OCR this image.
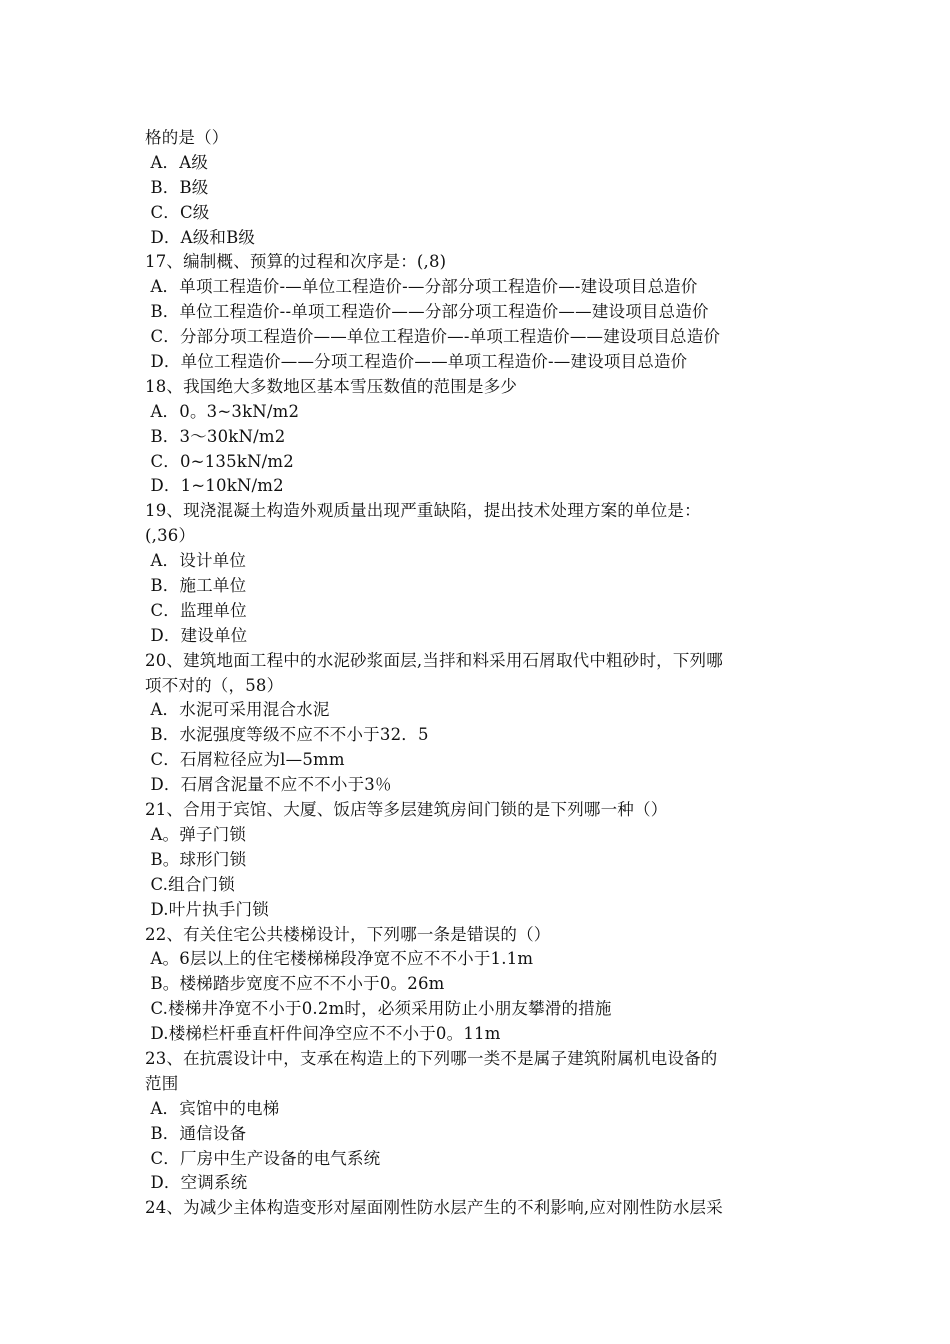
格的是（）
A．A级
B．B级
C．C级
D．A级和B级
17、编制概、预算的过程和次序是：(,8)
A．单项工程造价-—单位工程造价-—分部分项工程造价—-建设项目总造价
B．单位工程造价--单项工程造价——分部分项工程造价——建设项目总造价
C．分部分项工程造价——单位工程造价—-单项工程造价——建设项目总造价
D．单位工程造价——分项工程造价——单项工程造价-—建设项目总造价
18、我国绝大多数地区基本雪压数值的范围是多少
A．0。3~3kN/m2
B．3～30kN/m2
C．0~135kN/m2
D．1~10kN/m2
19、现浇混凝土构造外观质量出现严重缺陷，提出技术处理方案的单位是：
(,36）
A．设计单位
B．施工单位
C．监理单位
D．建设单位
20、建筑地面工程中的水泥砂浆面层,当拌和料采用石屑取代中粗砂时，下列哪
项不对的（，58）
A．水泥可采用混合水泥
B．水泥强度等级不应不不小于32．5
C．石屑粒径应为l—5mm
D．石屑含泥量不应不不小于3％
21、合用于宾馆、大厦、饭店等多层建筑房间门锁的是下列哪一种（）
A。弹子门锁
B。球形门锁
C.组合门锁
D.叶片执手门锁
22、有关住宅公共楼梯设计，下列哪一条是错误的（）
A。6层以上的住宅楼梯梯段净宽不应不不小于1.1m
B。楼梯踏步宽度不应不不小于0。26m
C.楼梯井净宽不小于0.2m时，必须采用防止小朋友攀滑的措施
D.楼梯栏杆垂直杆件间净空应不不小于0。11m
23、在抗震设计中，支承在构造上的下列哪一类不是属子建筑附属机电设备的
范围
A．宾馆中的电梯
B．通信设备
C．厂房中生产设备的电气系统
D．空调系统
24、为减少主体构造变形对屋面刚性防水层产生的不利影响,应对刚性防水层采
